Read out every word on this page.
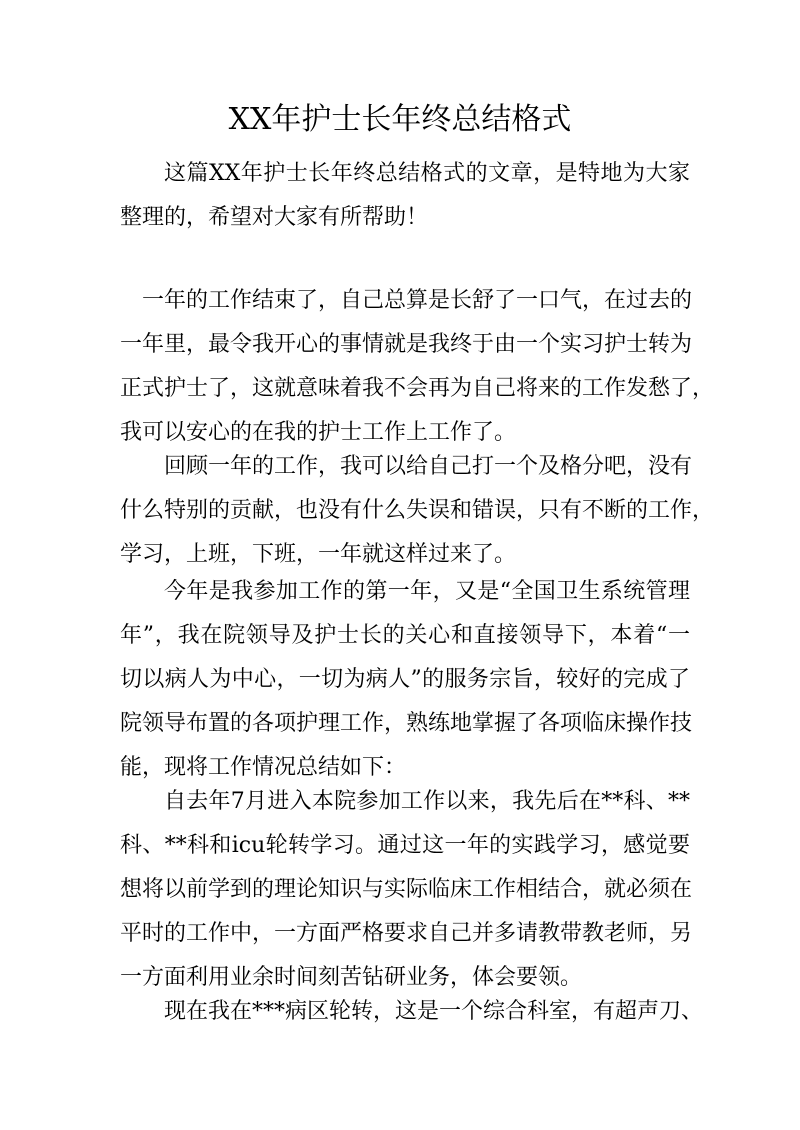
XX年护士长年终总结格式
这篇XX年护士长年终总结格式的文章，是特地为大家
整理的，希望对大家有所帮助！
一年的工作结束了，自己总算是长舒了一口气，在过去的
一年里，最令我开心的事情就是我终于由一个实习护士转为
正式护士了，这就意味着我不会再为自己将来的工作发愁了，
我可以安心的在我的护士工作上工作了。
回顾一年的工作，我可以给自己打一个及格分吧，没有
什么特别的贡献，也没有什么失误和错误，只有不断的工作，
学习，上班，下班，一年就这样过来了。
今年是我参加工作的第一年，又是“全国卫生系统管理
年”，我在院领导及护士长的关心和直接领导下，本着“一
切以病人为中心，一切为病人”的服务宗旨，较好的完成了
院领导布置的各项护理工作，熟练地掌握了各项临床操作技
能，现将工作情况总结如下：
自去年7月进入本院参加工作以来，我先后在**科、**
科、**科和icu轮转学习。通过这一年的实践学习，感觉要
想将以前学到的理论知识与实际临床工作相结合，就必须在
平时的工作中，一方面严格要求自己并多请教带教老师，另
一方面利用业余时间刻苦钻研业务，体会要领。
现在我在***病区轮转，这是一个综合科室，有超声刀、
